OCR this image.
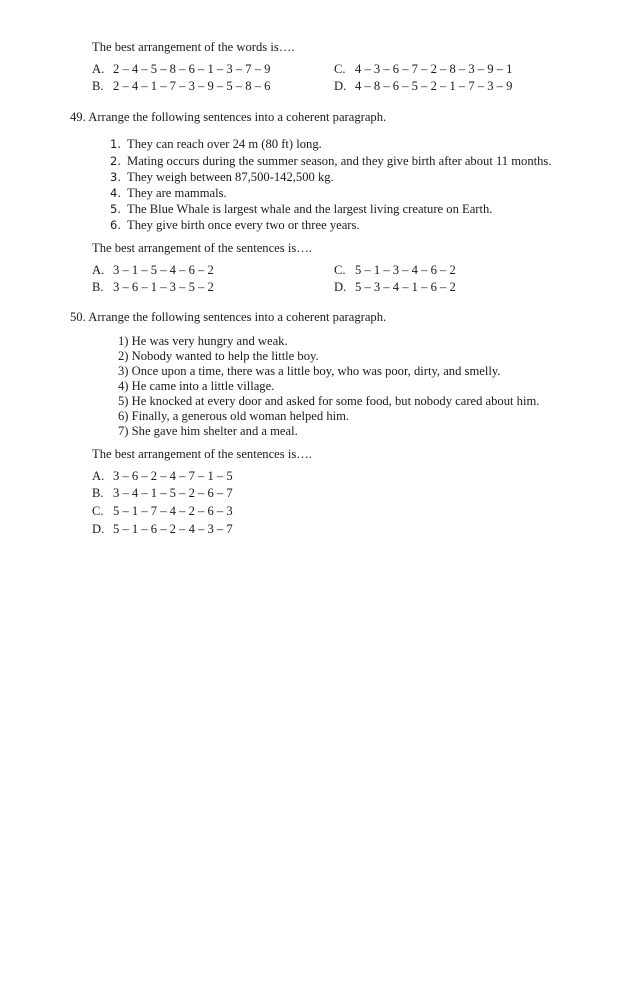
The best arrangement of the words is….
A. 2 – 4 – 5 – 8 – 6 – 1 – 3 – 7 – 9
B. 2 – 4 – 1 – 7 – 3 – 9 – 5 – 8 – 6
C. 4 – 3 – 6 – 7 – 2 – 8 – 3 – 9 – 1
D. 4 – 8 – 6 – 5 – 2 – 1 – 7 – 3 – 9
49. Arrange the following sentences into a coherent paragraph.
1. They can reach over 24 m (80 ft) long.
2. Mating occurs during the summer season, and they give birth after about 11 months.
3. They weigh between 87,500-142,500 kg.
4. They are mammals.
5. The Blue Whale is largest whale and the largest living creature on Earth.
6. They give birth once every two or three years.
The best arrangement of the sentences is….
A. 3 – 1 – 5 – 4 – 6 – 2
B. 3 – 6 – 1 – 3 – 5 – 2
C. 5 – 1 – 3 – 4 – 6 – 2
D. 5 – 3 – 4 – 1 – 6 – 2
50. Arrange the following sentences into a coherent paragraph.
1) He was very hungry and weak.
2) Nobody wanted to help the little boy.
3) Once upon a time, there was a little boy, who was poor, dirty, and smelly.
4) He came into a little village.
5) He knocked at every door and asked for some food, but nobody cared about him.
6) Finally, a generous old woman helped him.
7) She gave him shelter and a meal.
The best arrangement of the sentences is….
A. 3 – 6 – 2 – 4 – 7 – 1 – 5
B. 3 – 4 – 1 – 5 – 2 – 6 – 7
C. 5 – 1 – 7 – 4 – 2 – 6 – 3
D. 5 – 1 – 6 – 2 – 4 – 3 – 7
